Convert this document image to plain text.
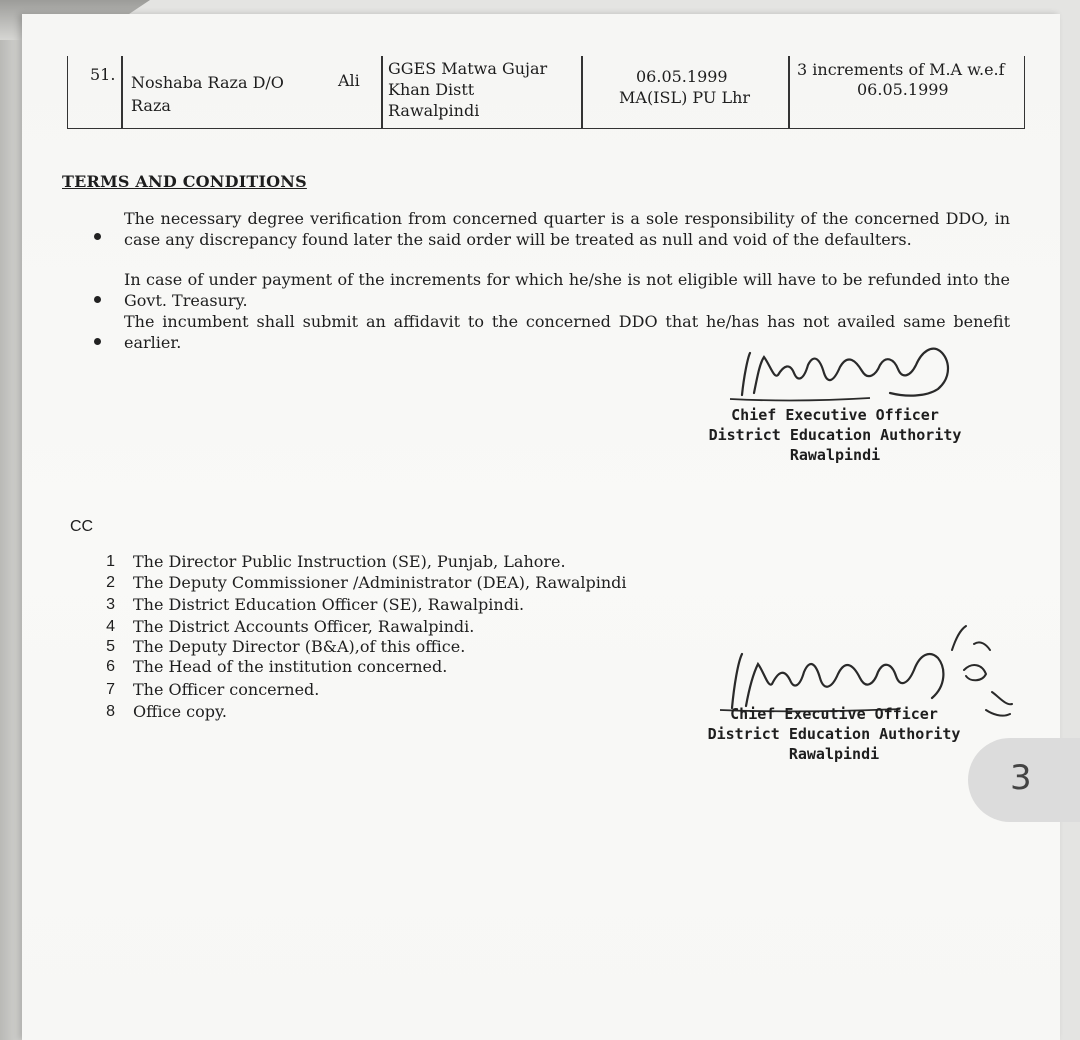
51. Noshaba Raza D/O
Raza
Ali
GGES Matwa Gujar
Khan Distt
Rawalpindi
06.05.1999
MA(ISL) PU Lhr
3 increments of M.A w.e.f
06.05.1999
TERMS AND CONDITIONS
The necessary degree verification from concerned quarter is a sole responsibility of the concerned DDO, in case any discrepancy found later the said order will be treated as null and void of the defaulters.
In case of under payment of the increments for which he/she is not eligible will have to be refunded into the Govt. Treasury.
The incumbent shall submit an affidavit to the concerned DDO that he/has has not availed same benefit earlier.
Chief Executive Officer
District Education Authority
Rawalpindi
CC
1 The Director Public Instruction (SE), Punjab, Lahore.
2 The Deputy Commissioner /Administrator (DEA), Rawalpindi
3 The District Education Officer (SE), Rawalpindi.
4 The District Accounts Officer, Rawalpindi.
5 The Deputy Director (B&A),of this office.
6 The Head of the institution concerned.
7 The Officer concerned.
8 Office copy.	Chief Executive Officer
District Education Authority
Rawalpindi
3
